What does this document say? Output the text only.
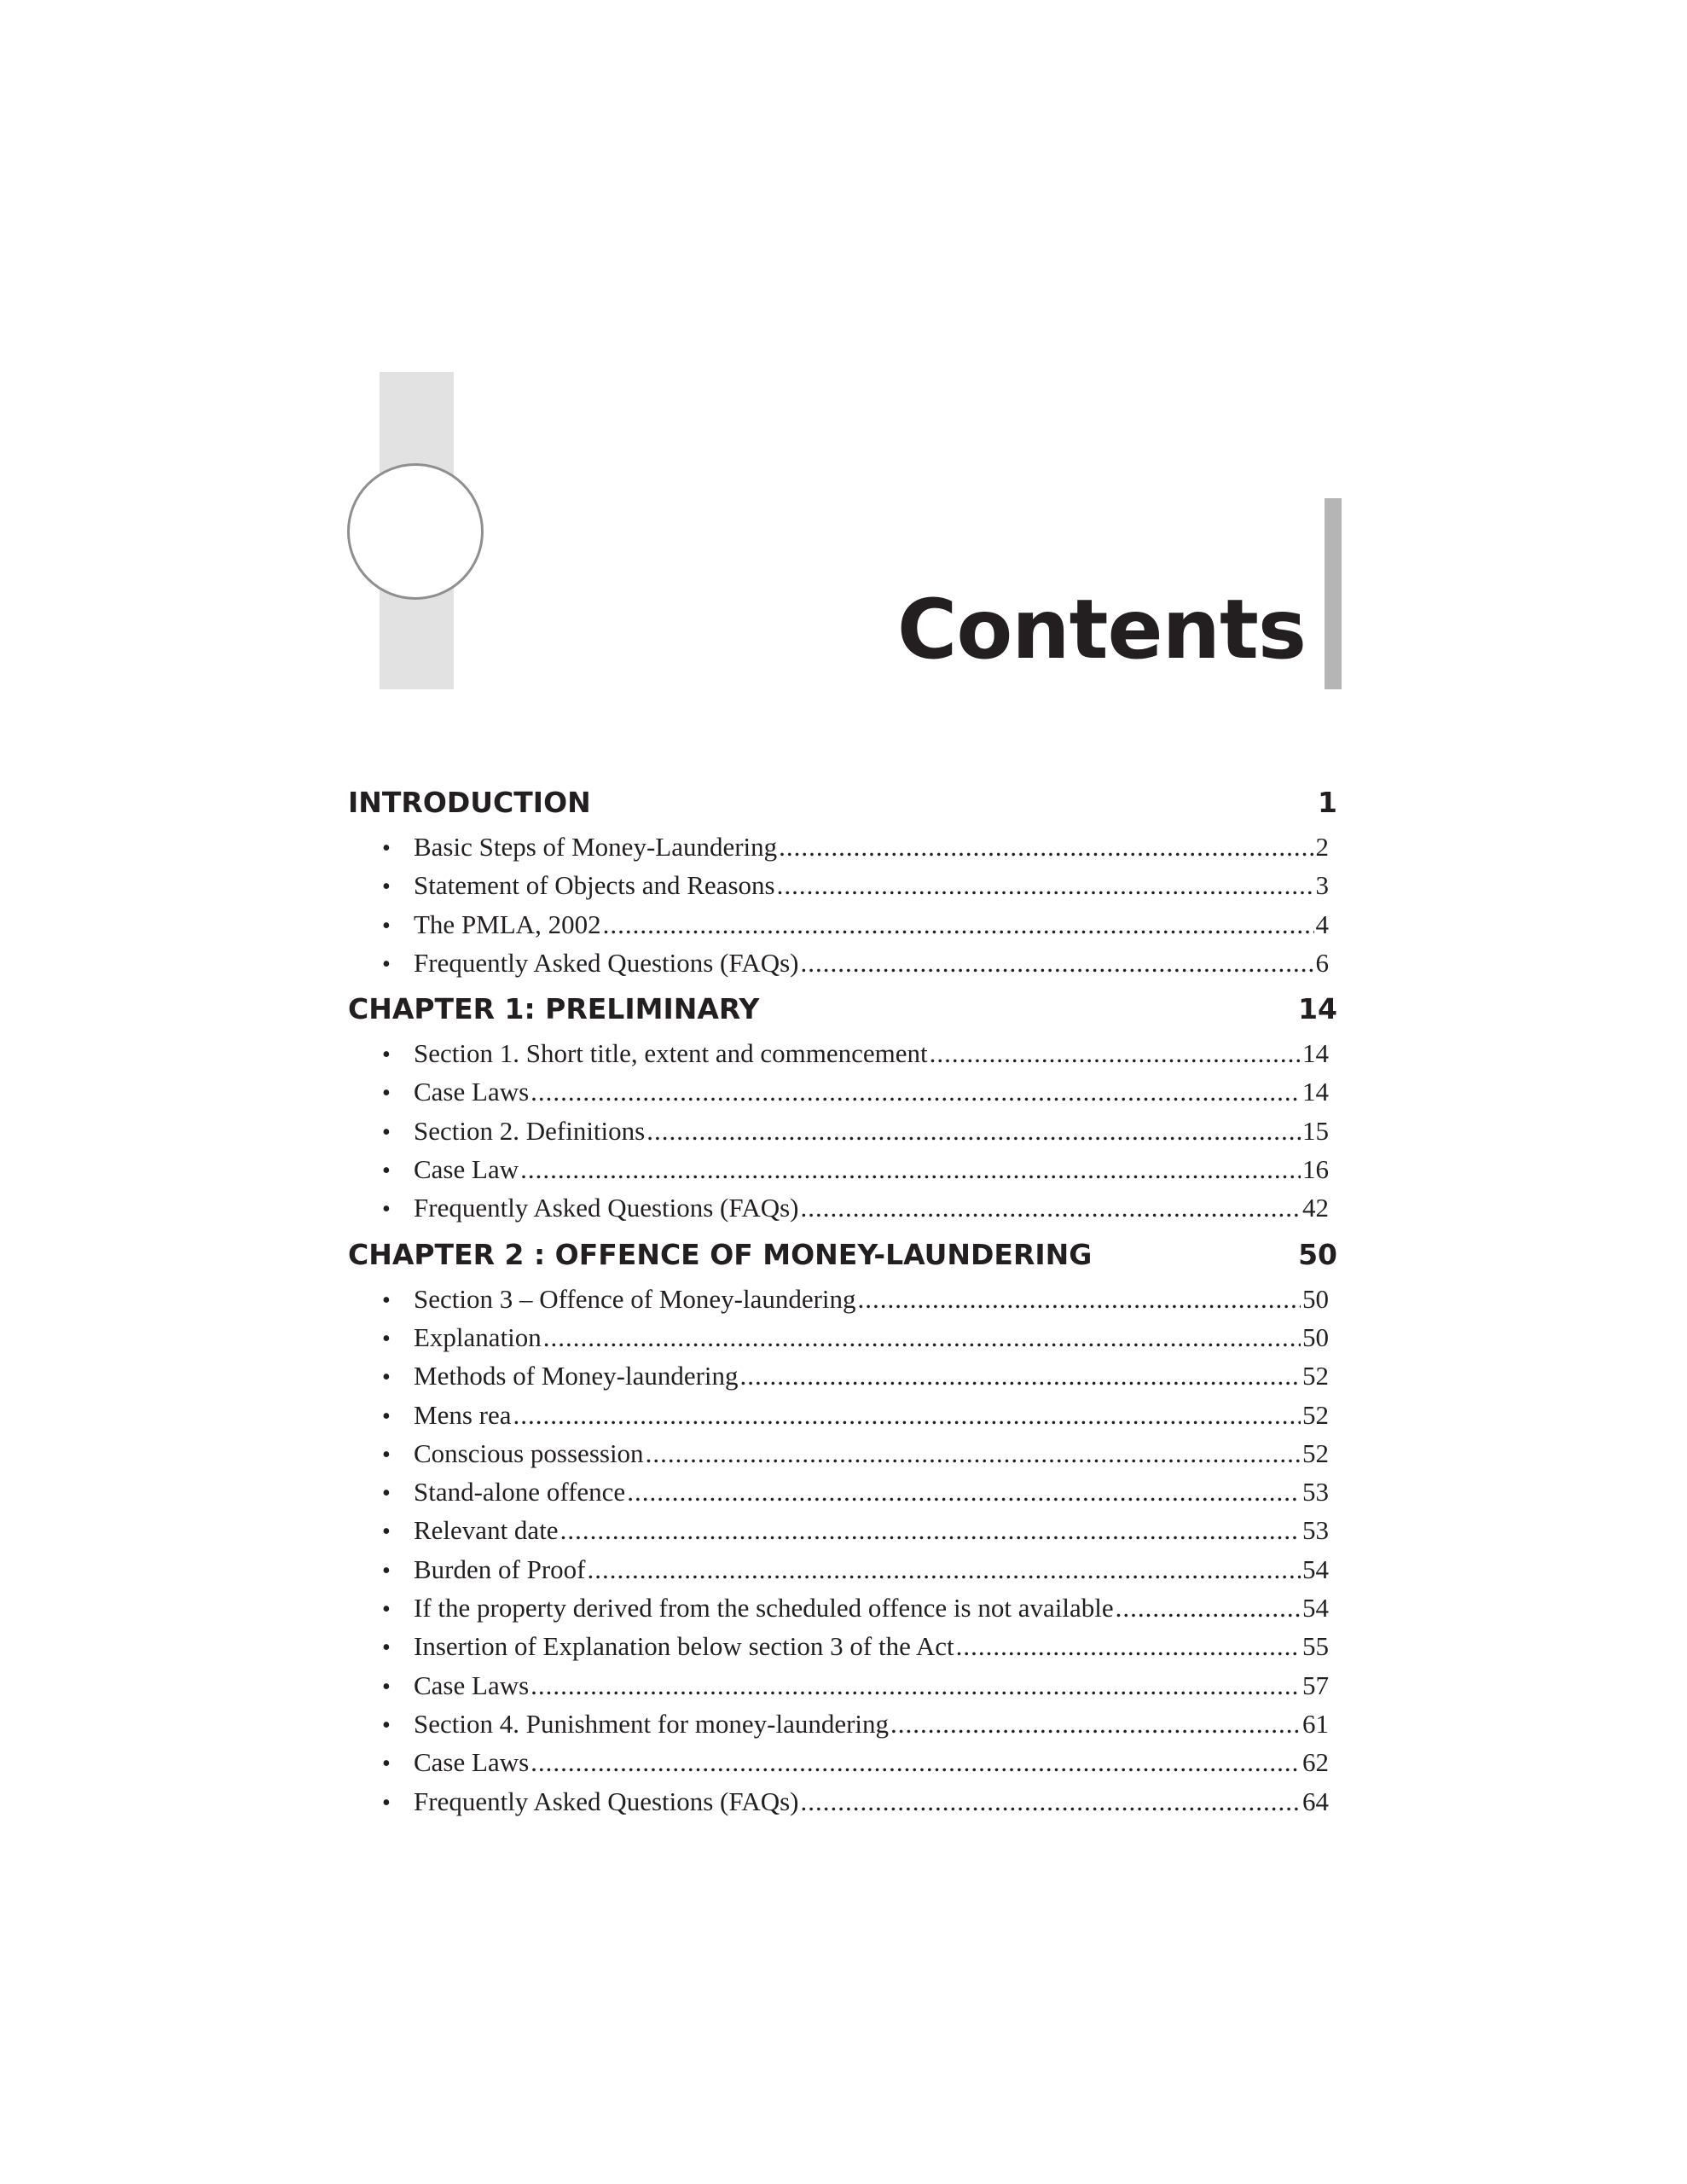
Contents
INTRODUCTION	1
• Basic Steps of Money-Laundering .....	2
• Statement of Objects and Reasons .....	3
• The PMLA, 2002 .....	4
• Frequently Asked Questions (FAQs) .....	6
CHAPTER 1: PRELIMINARY	14
• Section 1. Short title, extent and commencement .....	14
• Case Laws .....	14
• Section 2. Definitions .....	15
• Case Law .....	16
• Frequently Asked Questions (FAQs) .....	42
CHAPTER 2 : OFFENCE OF MONEY-LAUNDERING	50
• Section 3 – Offence of Money-laundering .....	50
• Explanation .....	50
• Methods of Money-laundering .....	52
• Mens rea .....	52
• Conscious possession .....	52
• Stand-alone offence .....	53
• Relevant date .....	53
• Burden of Proof .....	54
• If the property derived from the scheduled offence is not available .....	54
• Insertion of Explanation below section 3 of the Act .....	55
• Case Laws .....	57
• Section 4. Punishment for money-laundering .....	61
• Case Laws .....	62
• Frequently Asked Questions (FAQs) .....	64
